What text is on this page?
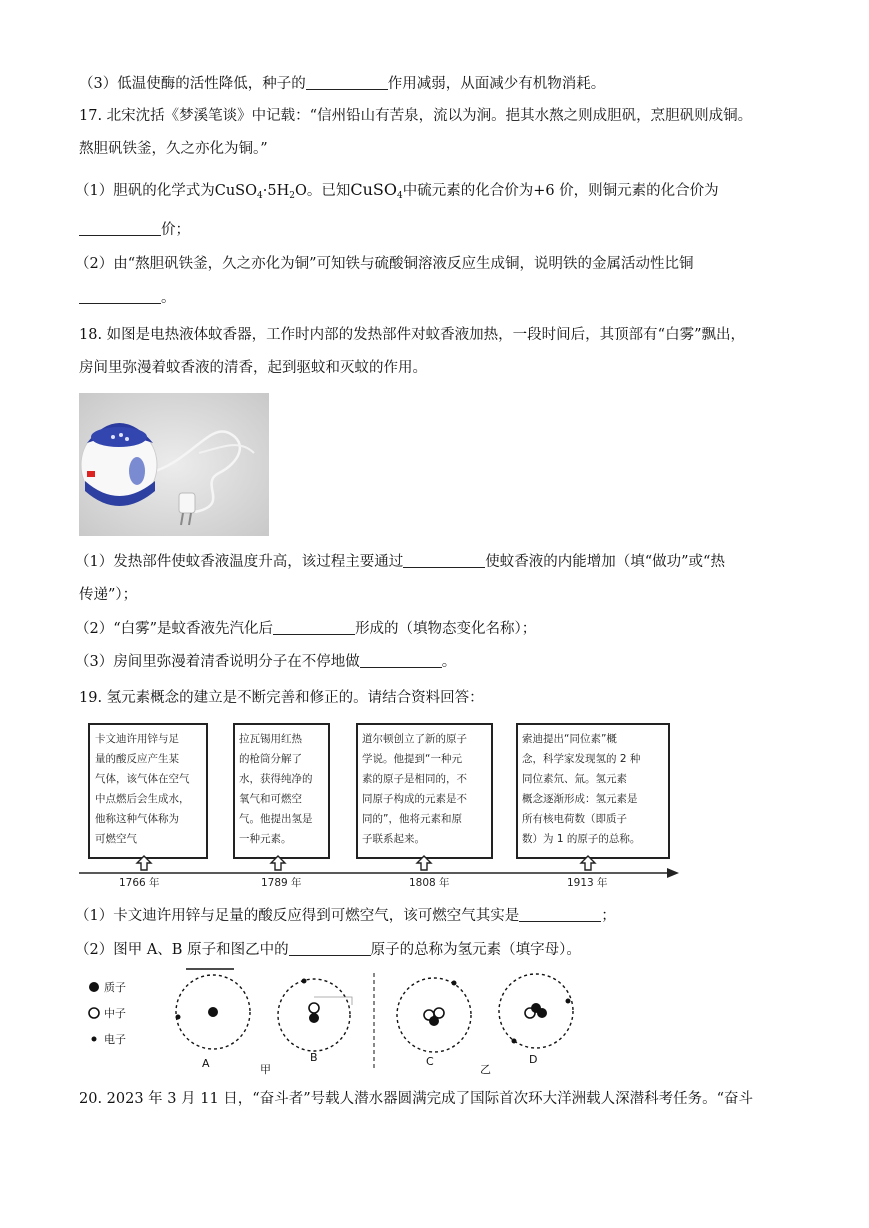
（3）低温使酶的活性降低，种子的	作用减弱，从面减少有机物消耗。
17. 北宋沈括《梦溪笔谈》中记载：“信州铅山有苦泉，流以为涧。挹其水熬之则成胆矾，烹胆矾则成铜。
熬胆矾铁釜，久之亦化为铜。”
（1）胆矾的化学式为$CuSO_4\cdot 5H_2O$。已知CuSO$_4$中硫元素的化合价为+6 价，则铜元素的化合价为
价；
（2）由“熬胆矾铁釜，久之亦化为铜”可知铁与硫酸铜溶液反应生成铜，说明铁的金属活动性比铜
。
18. 如图是电热液体蚊香器，工作时内部的发热部件对蚊香液加热，一段时间后，其顶部有“白雾”飘出，
房间里弥漫着蚊香液的清香，起到驱蚊和灭蚊的作用。
（1）发热部件使蚊香液温度升高，该过程主要通过	使蚊香液的内能增加（填“做功”或“热
传递”）；
（2）“白雾”是蚊香液先汽化后	形成的（填物态变化名称）；
（3）房间里弥漫着清香说明分子在不停地做	。
19. 氢元素概念的建立是不断完善和修正的。请结合资料回答：
卡文迪许用锌与足
量的酸反应产生某
气体，该气体在空气
中点燃后会生成水，
他称这种气体称为
可燃空气
拉瓦锡用红热
的枪筒分解了
水，获得纯净的
氧气和可燃空
气。他提出氢是
一种元素。
道尔顿创立了新的原子
学说。他提到“一种元
素的原子是相同的，不
同原子构成的元素是不
同的”，他将元素和原
子联系起来。
索迪提出“同位素”概
念，科学家发现氢的 2 种
同位素氘、氚。氢元素
概念逐渐形成：氢元素是
所有核电荷数（即质子
数）为 1 的原子的总称。
1766 年	1789 年	1808 年	1913 年
（1）卡文迪许用锌与足量的酸反应得到可燃空气，该可燃空气其实是	；
（2）图甲 A、B 原子和图乙中的	原子的总称为氢元素（填字母）。
质子
中子
电子
A	B	C	D
甲	乙
20. 2023 年 3 月 11 日，“奋斗者”号载人潜水器圆满完成了国际首次环大洋洲载人深潜科考任务。“奋斗
